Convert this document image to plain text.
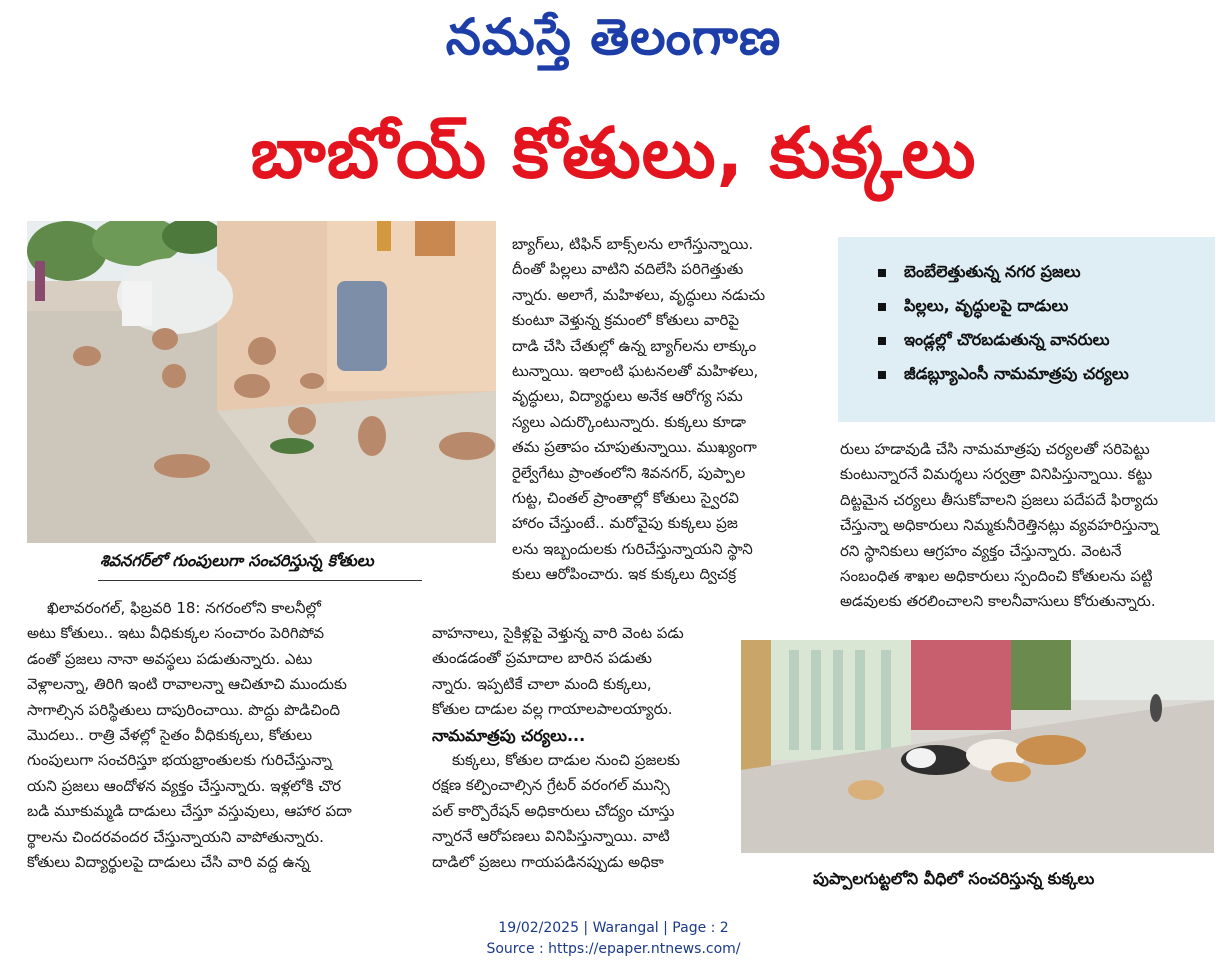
నమస్తే తెలంగాణ
బాబోయ్ కోతులు, కుక్కలు
శివనగర్‌లో గుంపులుగా సంచరిస్తున్న కోతులు

ఖిలావరంగల్, ఫిబ్రవరి 18: నగరంలోని కాలనీల్లో

అటు కోతులు.. ఇటు వీధికుక్కల సంచారం పెరిగిపోవ

డంతో ప్రజలు నానా అవస్థలు పడుతున్నారు. ఎటు

వెళ్లాలన్నా, తిరిగి ఇంటి రావాలన్నా ఆచితూచి ముందుకు

సాగాల్సిన పరిస్థితులు దాపురించాయి. పొద్దు పొడిచింది

మొదలు.. రాత్రి వేళల్లో సైతం వీధికుక్కలు, కోతులు

గుంపులుగా సంచరిస్తూ భయభ్రాంతులకు గురిచేస్తున్నా

యని ప్రజలు ఆందోళన వ్యక్తం చేస్తున్నారు. ఇళ్లలోకి చొర

బడి మూకుమ్మడి దాడులు చేస్తూ వస్తువులు, ఆహార పదా

ర్థాలను చిందరవందర చేస్తున్నాయని వాపోతున్నారు.

కోతులు విద్యార్థులపై దాడులు చేసి వారి వద్ద ఉన్న

బ్యాగ్‌లు, టిఫిన్ బాక్స్‌లను లాగేస్తున్నాయి.

దీంతో పిల్లలు వాటిని వదిలేసి పరిగెత్తుతు

న్నారు. అలాగే, మహిళలు, వృద్ధులు నడుచు

కుంటూ వెళ్తున్న క్రమంలో కోతులు వారిపై

దాడి చేసి చేతుల్లో ఉన్న బ్యాగ్‌లను లాక్కుం

టున్నాయి. ఇలాంటి ఘటనలతో మహిళలు,

వృద్ధులు, విద్యార్థులు అనేక ఆరోగ్య సమ

స్యలు ఎదుర్కొంటున్నారు. కుక్కలు కూడా

తమ ప్రతాపం చూపుతున్నాయి. ముఖ్యంగా

రైల్వేగేటు ప్రాంతంలోని శివనగర్, పుప్పాల

గుట్ట, చింతల్ ప్రాంతాల్లో కోతులు స్వైరవి

హారం చేస్తుంటే.. మరోవైపు కుక్కలు ప్రజ

లను ఇబ్బందులకు గురిచేస్తున్నాయని స్థాని

కులు ఆరోపించారు. ఇక కుక్కలు ద్విచక్ర

వాహనాలు, సైకిళ్లపై వెళ్తున్న వారి వెంట పడు

తుండడంతో ప్రమాదాల బారిన పడుతు

న్నారు. ఇప్పటికే చాలా మంది కుక్కలు,

కోతుల దాడుల వల్ల గాయాలపాలయ్యారు.

నామమాత్రపు చర్యలు...

కుక్కలు, కోతుల దాడుల నుంచి ప్రజలకు

రక్షణ కల్పించాల్సిన గ్రేటర్ వరంగల్ మున్సి

పల్ కార్పొరేషన్ అధికారులు చోద్యం చూస్తు

న్నారనే ఆరోపణలు వినిపిస్తున్నాయి. వాటి

దాడిలో ప్రజలు గాయపడినప్పుడు అధికా

బెంబేలెత్తుతున్న నగర ప్రజలు
పిల్లలు, వృద్ధులపై దాడులు
ఇండ్లల్లో చొరబడుతున్న వానరులు
జీడబ్ల్యూఎంసీ నామమాత్రపు చర్యలు

రులు హడావుడి చేసి నామమాత్రపు చర్యలతో సరిపెట్టు

కుంటున్నారనే విమర్శలు సర్వత్రా వినిపిస్తున్నాయి. కట్టు

దిట్టమైన చర్యలు తీసుకోవాలని ప్రజలు పదేపదే ఫిర్యాదు

చేస్తున్నా అధికారులు నిమ్మకునీరెత్తినట్లు వ్యవహరిస్తున్నా

రని స్థానికులు ఆగ్రహం వ్యక్తం చేస్తున్నారు. వెంటనే

సంబంధిత శాఖల అధికారులు స్పందించి కోతులను పట్టి

అడవులకు తరలించాలని కాలనీవాసులు కోరుతున్నారు.

పుప్పాలగుట్టలోని వీధిలో సంచరిస్తున్న కుక్కలు
19/02/2025 | Warangal | Page : 2
Source : https://epaper.ntnews.com/
